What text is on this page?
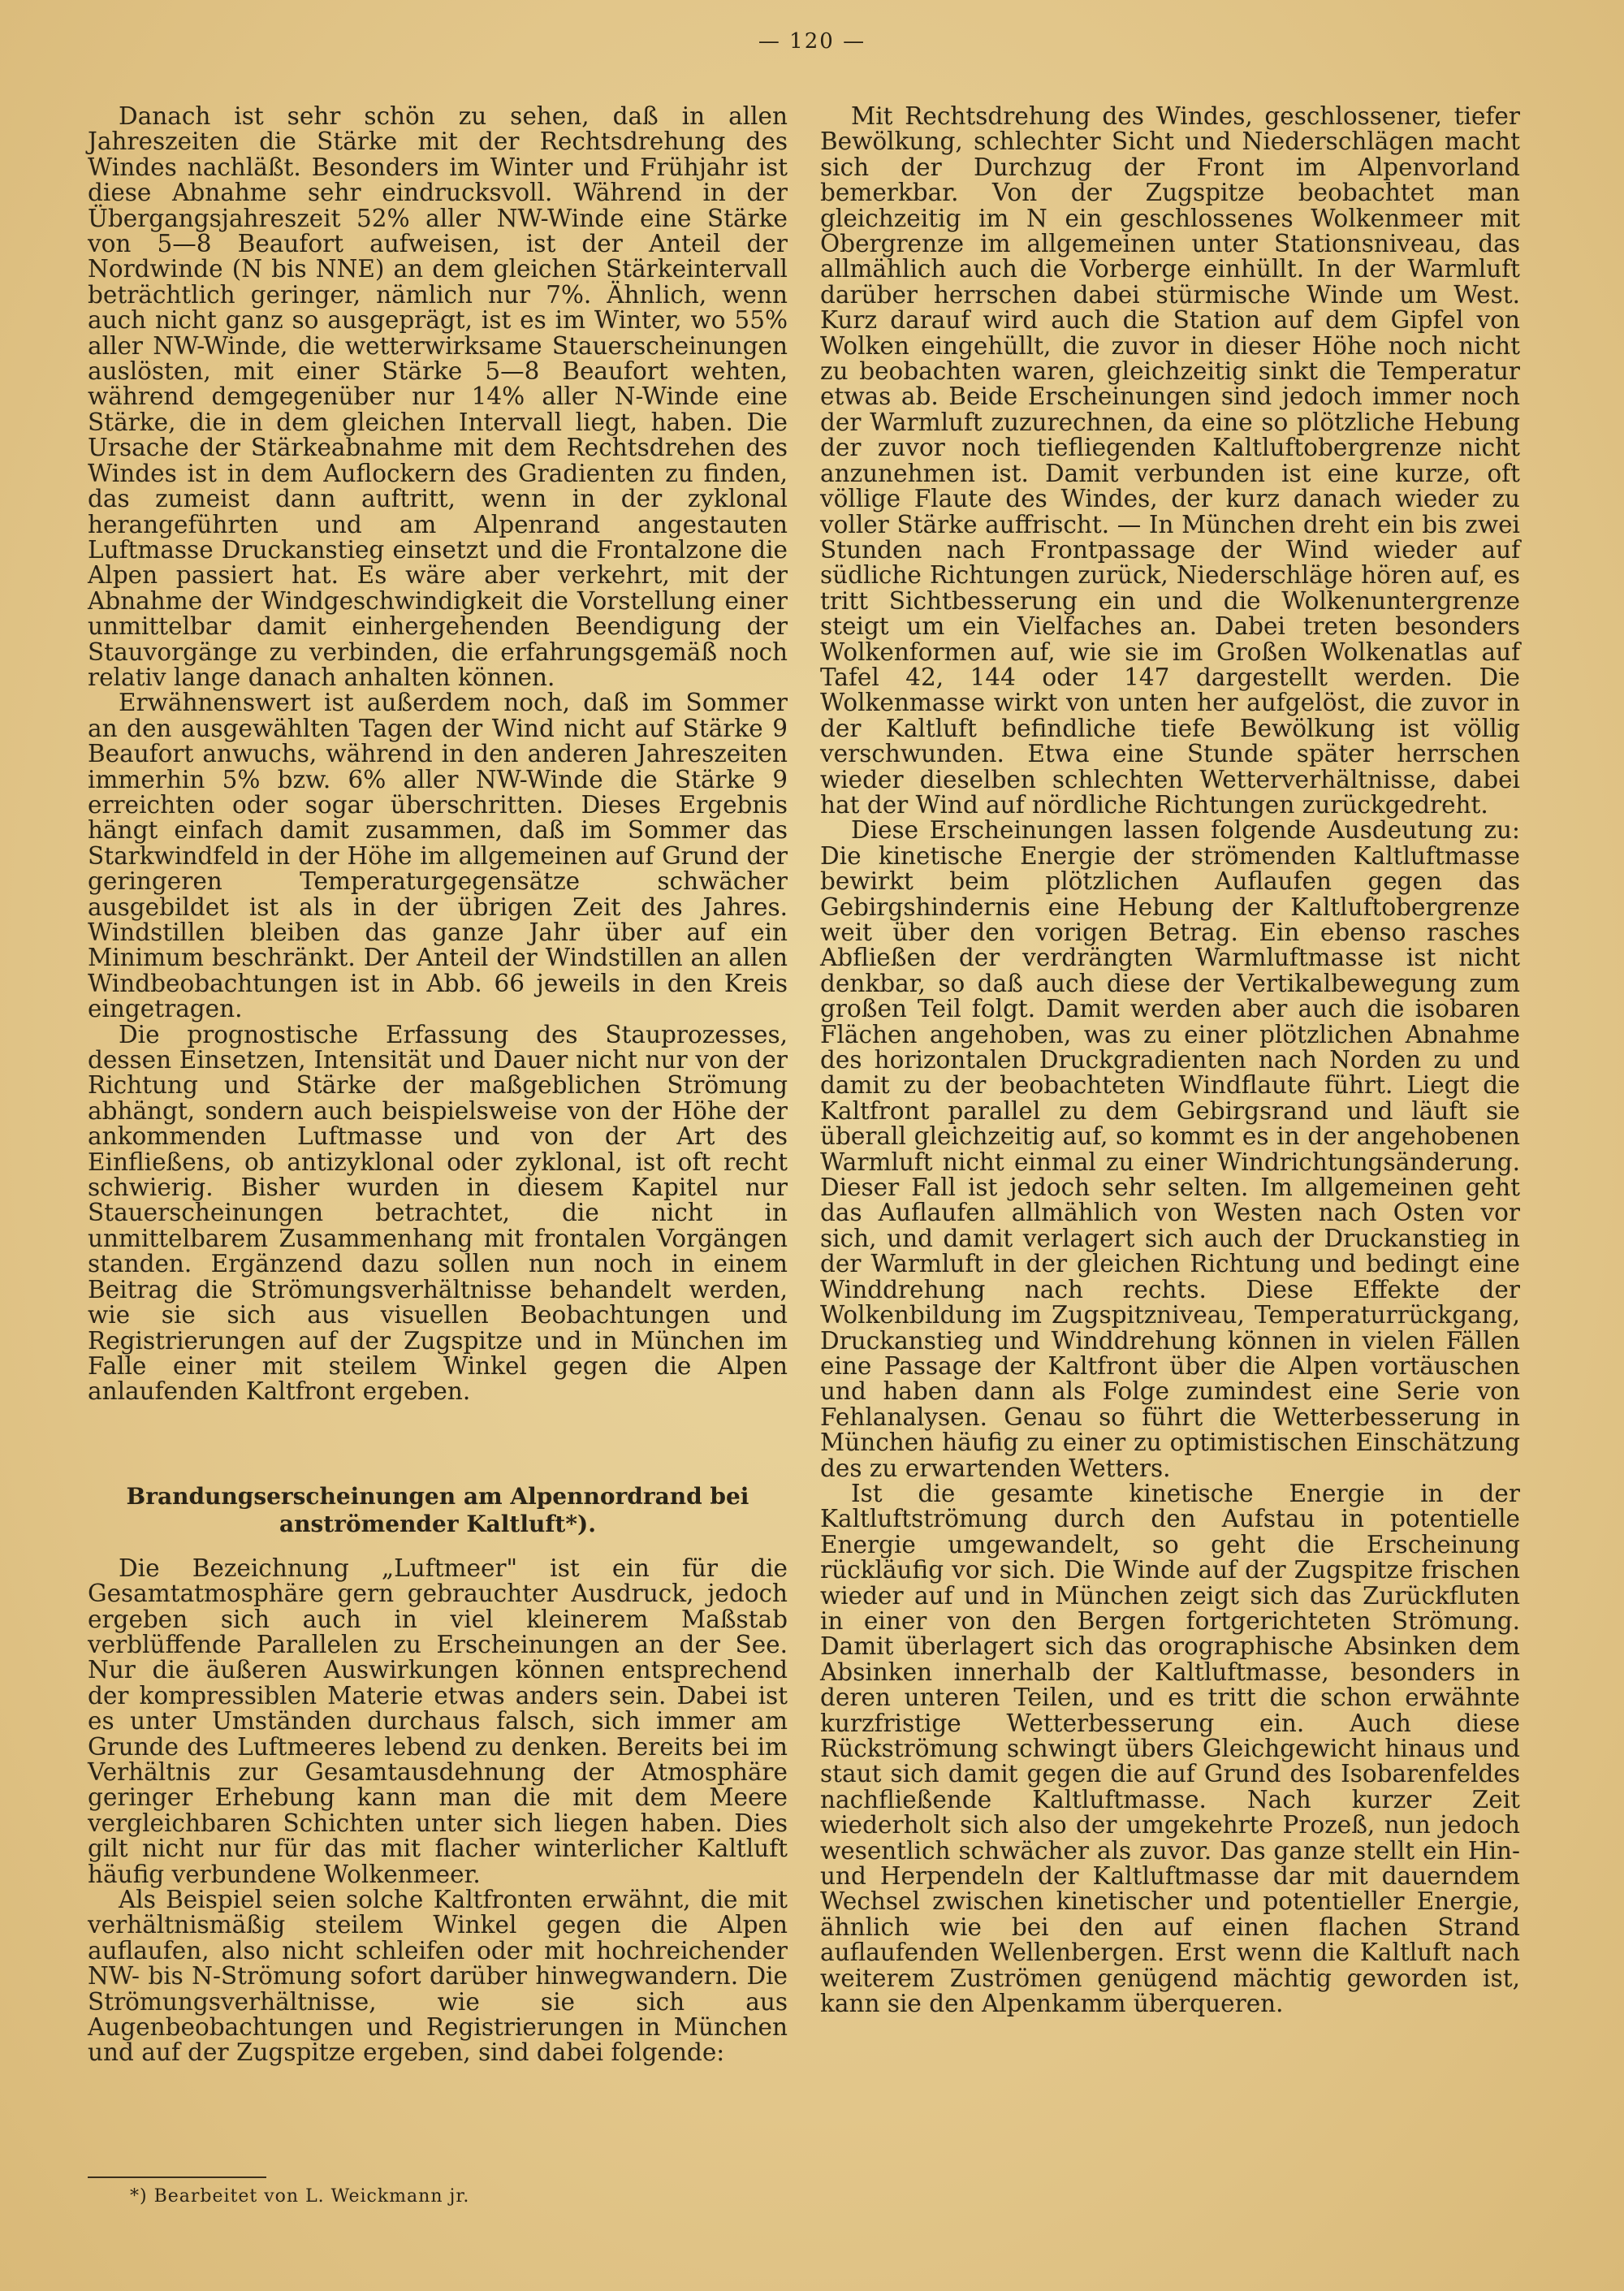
— 120 —

Danach ist sehr schön zu sehen, daß in allen Jahreszeiten die Stärke mit der Rechtsdrehung des Windes nachläßt. Besonders im Winter und Frühjahr ist diese Abnahme sehr eindrucksvoll. Während in der Übergangsjahreszeit 52% aller NW-Winde eine Stärke von 5—8 Beaufort aufweisen, ist der Anteil der Nordwinde (N bis NNE) an dem gleichen Stärkeintervall beträchtlich geringer, nämlich nur 7%. Ähnlich, wenn auch nicht ganz so ausgeprägt, ist es im Winter, wo 55% aller NW-Winde, die wetterwirksame Stauerscheinungen auslösten, mit einer Stärke 5—8 Beaufort wehten, während demgegenüber nur 14% aller N-Winde eine Stärke, die in dem gleichen Intervall liegt, haben. Die Ursache der Stärkeabnahme mit dem Rechtsdrehen des Windes ist in dem Auflockern des Gradienten zu finden, das zumeist dann auftritt, wenn in der zyklonal herangeführten und am Alpenrand angestauten Luftmasse Druckanstieg einsetzt und die Frontalzone die Alpen passiert hat. Es wäre aber verkehrt, mit der Abnahme der Windgeschwindigkeit die Vorstellung einer unmittelbar damit einhergehenden Beendigung der Stauvorgänge zu verbinden, die erfahrungsgemäß noch relativ lange danach anhalten können.

Erwähnenswert ist außerdem noch, daß im Sommer an den ausgewählten Tagen der Wind nicht auf Stärke 9 Beaufort anwuchs, während in den anderen Jahreszeiten immerhin 5% bzw. 6% aller NW-Winde die Stärke 9 erreichten oder sogar überschritten. Dieses Ergebnis hängt einfach damit zusammen, daß im Sommer das Starkwindfeld in der Höhe im allgemeinen auf Grund der geringeren Temperaturgegensätze schwächer ausgebildet ist als in der übrigen Zeit des Jahres. Windstillen bleiben das ganze Jahr über auf ein Minimum beschränkt. Der Anteil der Windstillen an allen Windbeobachtungen ist in Abb. 66 jeweils in den Kreis eingetragen.

Die prognostische Erfassung des Stauprozesses, dessen Einsetzen, Intensität und Dauer nicht nur von der Richtung und Stärke der maßgeblichen Strömung abhängt, sondern auch beispielsweise von der Höhe der ankommenden Luftmasse und von der Art des Einfließens, ob antizyklonal oder zyklonal, ist oft recht schwierig. Bisher wurden in diesem Kapitel nur Stauerscheinungen betrachtet, die nicht in unmittelbarem Zusammenhang mit frontalen Vorgängen standen. Ergänzend dazu sollen nun noch in einem Beitrag die Strömungsverhältnisse behandelt werden, wie sie sich aus visuellen Beobachtungen und Registrierungen auf der Zugspitze und in München im Falle einer mit steilem Winkel gegen die Alpen anlaufenden Kaltfront ergeben.

Brandungserscheinungen am Alpennordrand bei anströmender Kaltluft*).

Die Bezeichnung „Luftmeer" ist ein für die Gesamtatmosphäre gern gebrauchter Ausdruck, jedoch ergeben sich auch in viel kleinerem Maßstab verblüffende Parallelen zu Erscheinungen an der See. Nur die äußeren Auswirkungen können entsprechend der kompressiblen Materie etwas anders sein. Dabei ist es unter Umständen durchaus falsch, sich immer am Grunde des Luftmeeres lebend zu denken. Bereits bei im Verhältnis zur Gesamtausdehnung der Atmosphäre geringer Erhebung kann man die mit dem Meere vergleichbaren Schichten unter sich liegen haben. Dies gilt nicht nur für das mit flacher winterlicher Kaltluft häufig verbundene Wolkenmeer.

Als Beispiel seien solche Kaltfronten erwähnt, die mit verhältnismäßig steilem Winkel gegen die Alpen auflaufen, also nicht schleifen oder mit hochreichender NW- bis N-Strömung sofort darüber hinwegwandern. Die Strömungsverhältnisse, wie sie sich aus Augenbeobachtungen und Registrierungen in München und auf der Zugspitze ergeben, sind dabei folgende:

Mit Rechtsdrehung des Windes, geschlossener, tiefer Bewölkung, schlechter Sicht und Niederschlägen macht sich der Durchzug der Front im Alpenvorland bemerkbar. Von der Zugspitze beobachtet man gleichzeitig im N ein geschlossenes Wolkenmeer mit Obergrenze im allgemeinen unter Stationsniveau, das allmählich auch die Vorberge einhüllt. In der Warmluft darüber herrschen dabei stürmische Winde um West. Kurz darauf wird auch die Station auf dem Gipfel von Wolken eingehüllt, die zuvor in dieser Höhe noch nicht zu beobachten waren, gleichzeitig sinkt die Temperatur etwas ab. Beide Erscheinungen sind jedoch immer noch der Warmluft zuzurechnen, da eine so plötzliche Hebung der zuvor noch tiefliegenden Kaltluftobergrenze nicht anzunehmen ist. Damit verbunden ist eine kurze, oft völlige Flaute des Windes, der kurz danach wieder zu voller Stärke auffrischt. — In München dreht ein bis zwei Stunden nach Frontpassage der Wind wieder auf südliche Richtungen zurück, Niederschläge hören auf, es tritt Sichtbesserung ein und die Wolkenuntergrenze steigt um ein Vielfaches an. Dabei treten besonders Wolkenformen auf, wie sie im Großen Wolkenatlas auf Tafel 42, 144 oder 147 dargestellt werden. Die Wolkenmasse wirkt von unten her aufgelöst, die zuvor in der Kaltluft befindliche tiefe Bewölkung ist völlig verschwunden. Etwa eine Stunde später herrschen wieder dieselben schlechten Wetterverhältnisse, dabei hat der Wind auf nördliche Richtungen zurückgedreht.

Diese Erscheinungen lassen folgende Ausdeutung zu: Die kinetische Energie der strömenden Kaltluftmasse bewirkt beim plötzlichen Auflaufen gegen das Gebirgshindernis eine Hebung der Kaltluftobergrenze weit über den vorigen Betrag. Ein ebenso rasches Abfließen der verdrängten Warmluftmasse ist nicht denkbar, so daß auch diese der Vertikalbewegung zum großen Teil folgt. Damit werden aber auch die isobaren Flächen angehoben, was zu einer plötzlichen Abnahme des horizontalen Druckgradienten nach Norden zu und damit zu der beobachteten Windflaute führt. Liegt die Kaltfront parallel zu dem Gebirgsrand und läuft sie überall gleichzeitig auf, so kommt es in der angehobenen Warmluft nicht einmal zu einer Windrichtungsänderung. Dieser Fall ist jedoch sehr selten. Im allgemeinen geht das Auflaufen allmählich von Westen nach Osten vor sich, und damit verlagert sich auch der Druckanstieg in der Warmluft in der gleichen Richtung und bedingt eine Winddrehung nach rechts. Diese Effekte der Wolkenbildung im Zugspitzniveau, Temperaturrückgang, Druckanstieg und Winddrehung können in vielen Fällen eine Passage der Kaltfront über die Alpen vortäuschen und haben dann als Folge zumindest eine Serie von Fehlanalysen. Genau so führt die Wetterbesserung in München häufig zu einer zu optimistischen Einschätzung des zu erwartenden Wetters.

Ist die gesamte kinetische Energie in der Kaltluftströmung durch den Aufstau in potentielle Energie umgewandelt, so geht die Erscheinung rückläufig vor sich. Die Winde auf der Zugspitze frischen wieder auf und in München zeigt sich das Zurückfluten in einer von den Bergen fortgerichteten Strömung. Damit überlagert sich das orographische Absinken dem Absinken innerhalb der Kaltluftmasse, besonders in deren unteren Teilen, und es tritt die schon erwähnte kurzfristige Wetterbesserung ein. Auch diese Rückströmung schwingt übers Gleichgewicht hinaus und staut sich damit gegen die auf Grund des Isobarenfeldes nachfließende Kaltluftmasse. Nach kurzer Zeit wiederholt sich also der umgekehrte Prozeß, nun jedoch wesentlich schwächer als zuvor. Das ganze stellt ein Hin- und Herpendeln der Kaltluftmasse dar mit dauerndem Wechsel zwischen kinetischer und potentieller Energie, ähnlich wie bei den auf einen flachen Strand auflaufenden Wellenbergen. Erst wenn die Kaltluft nach weiterem Zuströmen genügend mächtig geworden ist, kann sie den Alpenkamm überqueren.

*) Bearbeitet von L. Weickmann jr.
